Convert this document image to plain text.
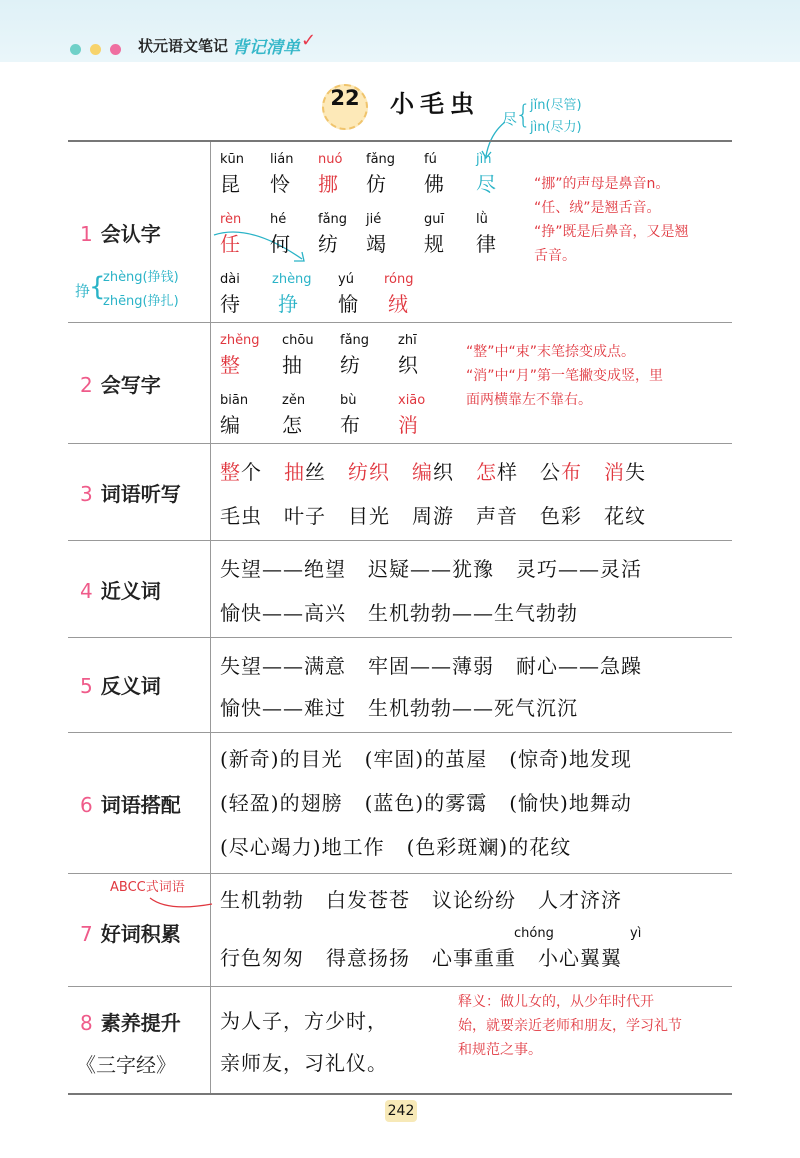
状元语文笔记 背记清单 ✓
22	小毛虫
尽
{
jǐn(尽管)
jìn(尽力)
挣
{
zhèng(挣钱)
zhēng(挣扎)
1 会认字
kūn
昆
lián
怜
nuó
挪
fǎng
仿
fú
佛
jìn
尽
rèn
任
hé
何
fǎng
纺
jié
竭
guī
规
lǜ
律
dài
待
zhèng
挣
yú
愉
róng
绒
2 会写字
zhěng
整
chōu
抽
fǎng
纺
zhī
织
biān
编
zěn
怎
bù
布
xiāo
消
3 词语听写
整个 抽丝 纺织 编织 怎样 公布 消失
毛虫 叶子 目光 周游 声音 色彩 花纹
4 近义词
失望——绝望 迟疑——犹豫 灵巧——灵活
愉快——高兴 生机勃勃——生气勃勃
5 反义词
失望——满意 牢固——薄弱 耐心——急躁
愉快——难过 生机勃勃——死气沉沉
6 词语搭配
(新奇)的目光 (牢固)的茧屋 (惊奇)地发现
(轻盈)的翅膀 (蓝色)的雾霭 (愉快)地舞动
(尽心竭力)地工作 (色彩斑斓)的花纹
7 好词积累
ABCC式词语
生机勃勃 白发苍苍 议论纷纷 人才济济
chóng	yì
行色匆匆 得意扬扬 心事重重 小心翼翼
8 素养提升
《三字经》
为人子，方少时，
亲师友，习礼仪。
“挪”的声母是鼻音n。
“任、绒”是翘舌音。
“挣”既是后鼻音，又是翘
舌音。
“整”中“束”末笔捺变成点。
“消”中“月”第一笔撇变成竖，里
面两横靠左不靠右。
释义：做儿女的，从少年时代开
始，就要亲近老师和朋友，学习礼节
和规范之事。
242
